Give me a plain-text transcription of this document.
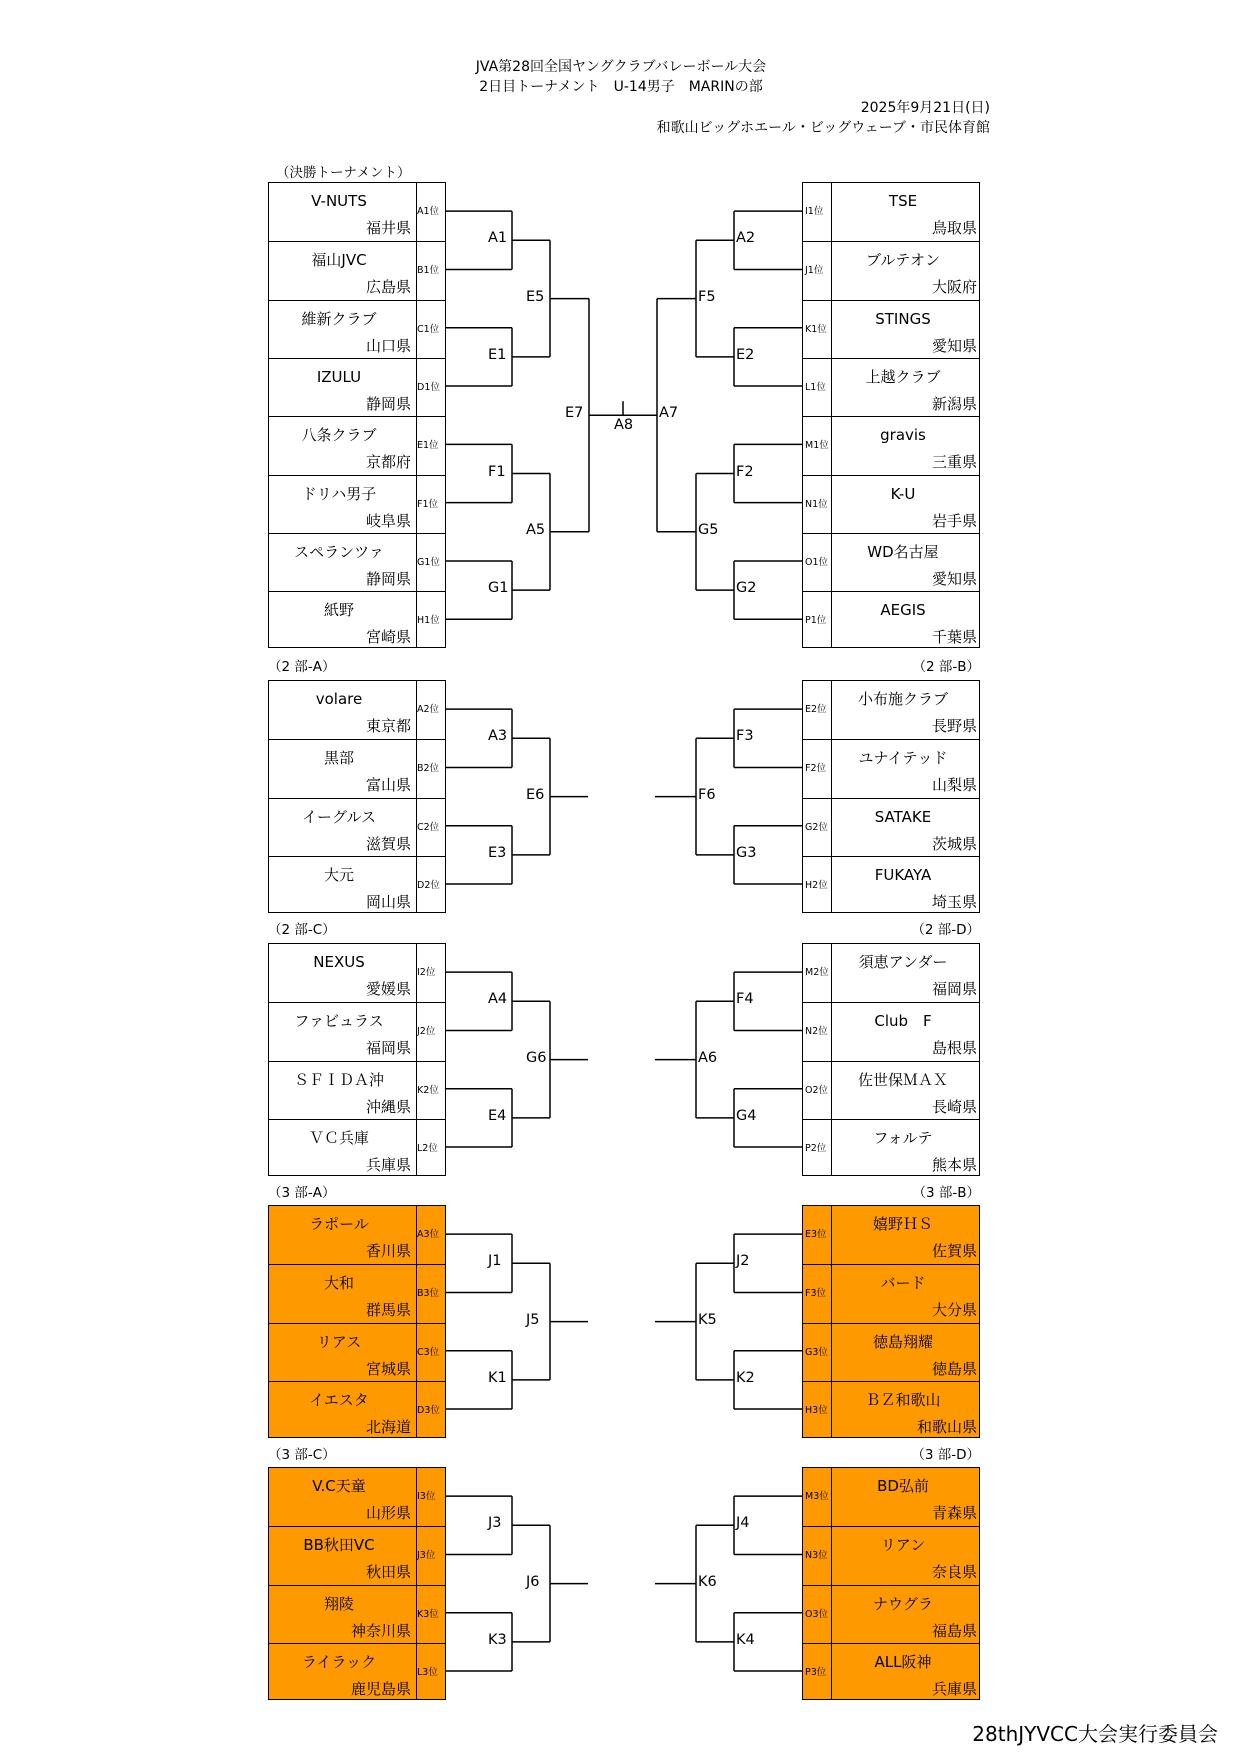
JVA第28回全国ヤングクラブバレーボール大会
2日目トーナメント　U-14男子　MARINの部
2025年9月21日(日)
和歌山ビッグホエール・ビッグウェーブ・市民体育館
（決勝トーナメント）
V-NUTS
福井県
A1位
福山JVC
広島県
B1位
維新クラブ
山口県
C1位
IZULU
静岡県
D1位
八条クラブ
京都府
E1位
ドリハ男子
岐阜県
F1位
スペランツァ
静岡県
G1位
紙野
宮崎県
H1位
TSE
鳥取県
I1位
ブルテオン
大阪府
J1位
STINGS
愛知県
K1位
上越クラブ
新潟県
L1位
gravis
三重県
M1位
K-U
岩手県
N1位
WD名古屋
愛知県
O1位
AEGIS
千葉県
P1位
A1
E1
F1
G1
E5
A5
A2
E2
F2
G2
F5
G5
E7	A7
A8
（2 部-A）	（2 部-B）
volare
東京都
A2位
黒部
富山県
B2位
イーグルス
滋賀県
C2位
大元
岡山県
D2位
小布施クラブ
長野県
E2位
ユナイテッド
山梨県
F2位
SATAKE
茨城県
G2位
FUKAYA
埼玉県
H2位
A3
E3
E6
F3
G3
F6
（2 部-C）	（2 部-D）
NEXUS
愛媛県
I2位
ファビュラス
福岡県
J2位
ＳＦＩＤＡ沖
沖縄県
K2位
ＶＣ兵庫
兵庫県
L2位
須恵アンダー
福岡県
M2位
Club　F
島根県
N2位
佐世保ＭＡＸ
長崎県
O2位
フォルテ
熊本県
P2位
A4
E4
G6
F4
G4
A6
（3 部-A）	（3 部-B）
ラポール
香川県
A3位
大和
群馬県
B3位
リアス
宮城県
C3位
イエスタ
北海道
D3位
嬉野ＨＳ
佐賀県
E3位
バード
大分県
F3位
徳島翔耀
徳島県
G3位
ＢＺ和歌山
和歌山県
H3位
J1
K1
J5
J2
K2
K5
（3 部-C）	（3 部-D）
V.C天童
山形県
I3位
BB秋田VC
秋田県
J3位
翔陵
神奈川県
K3位
ライラック
鹿児島県
L3位
BD弘前
青森県
M3位
リアン
奈良県
N3位
ナウグラ
福島県
O3位
ALL阪神
兵庫県
P3位
J3
K3
J6
J4
K4
K6
28thJYVCC大会実行委員会
